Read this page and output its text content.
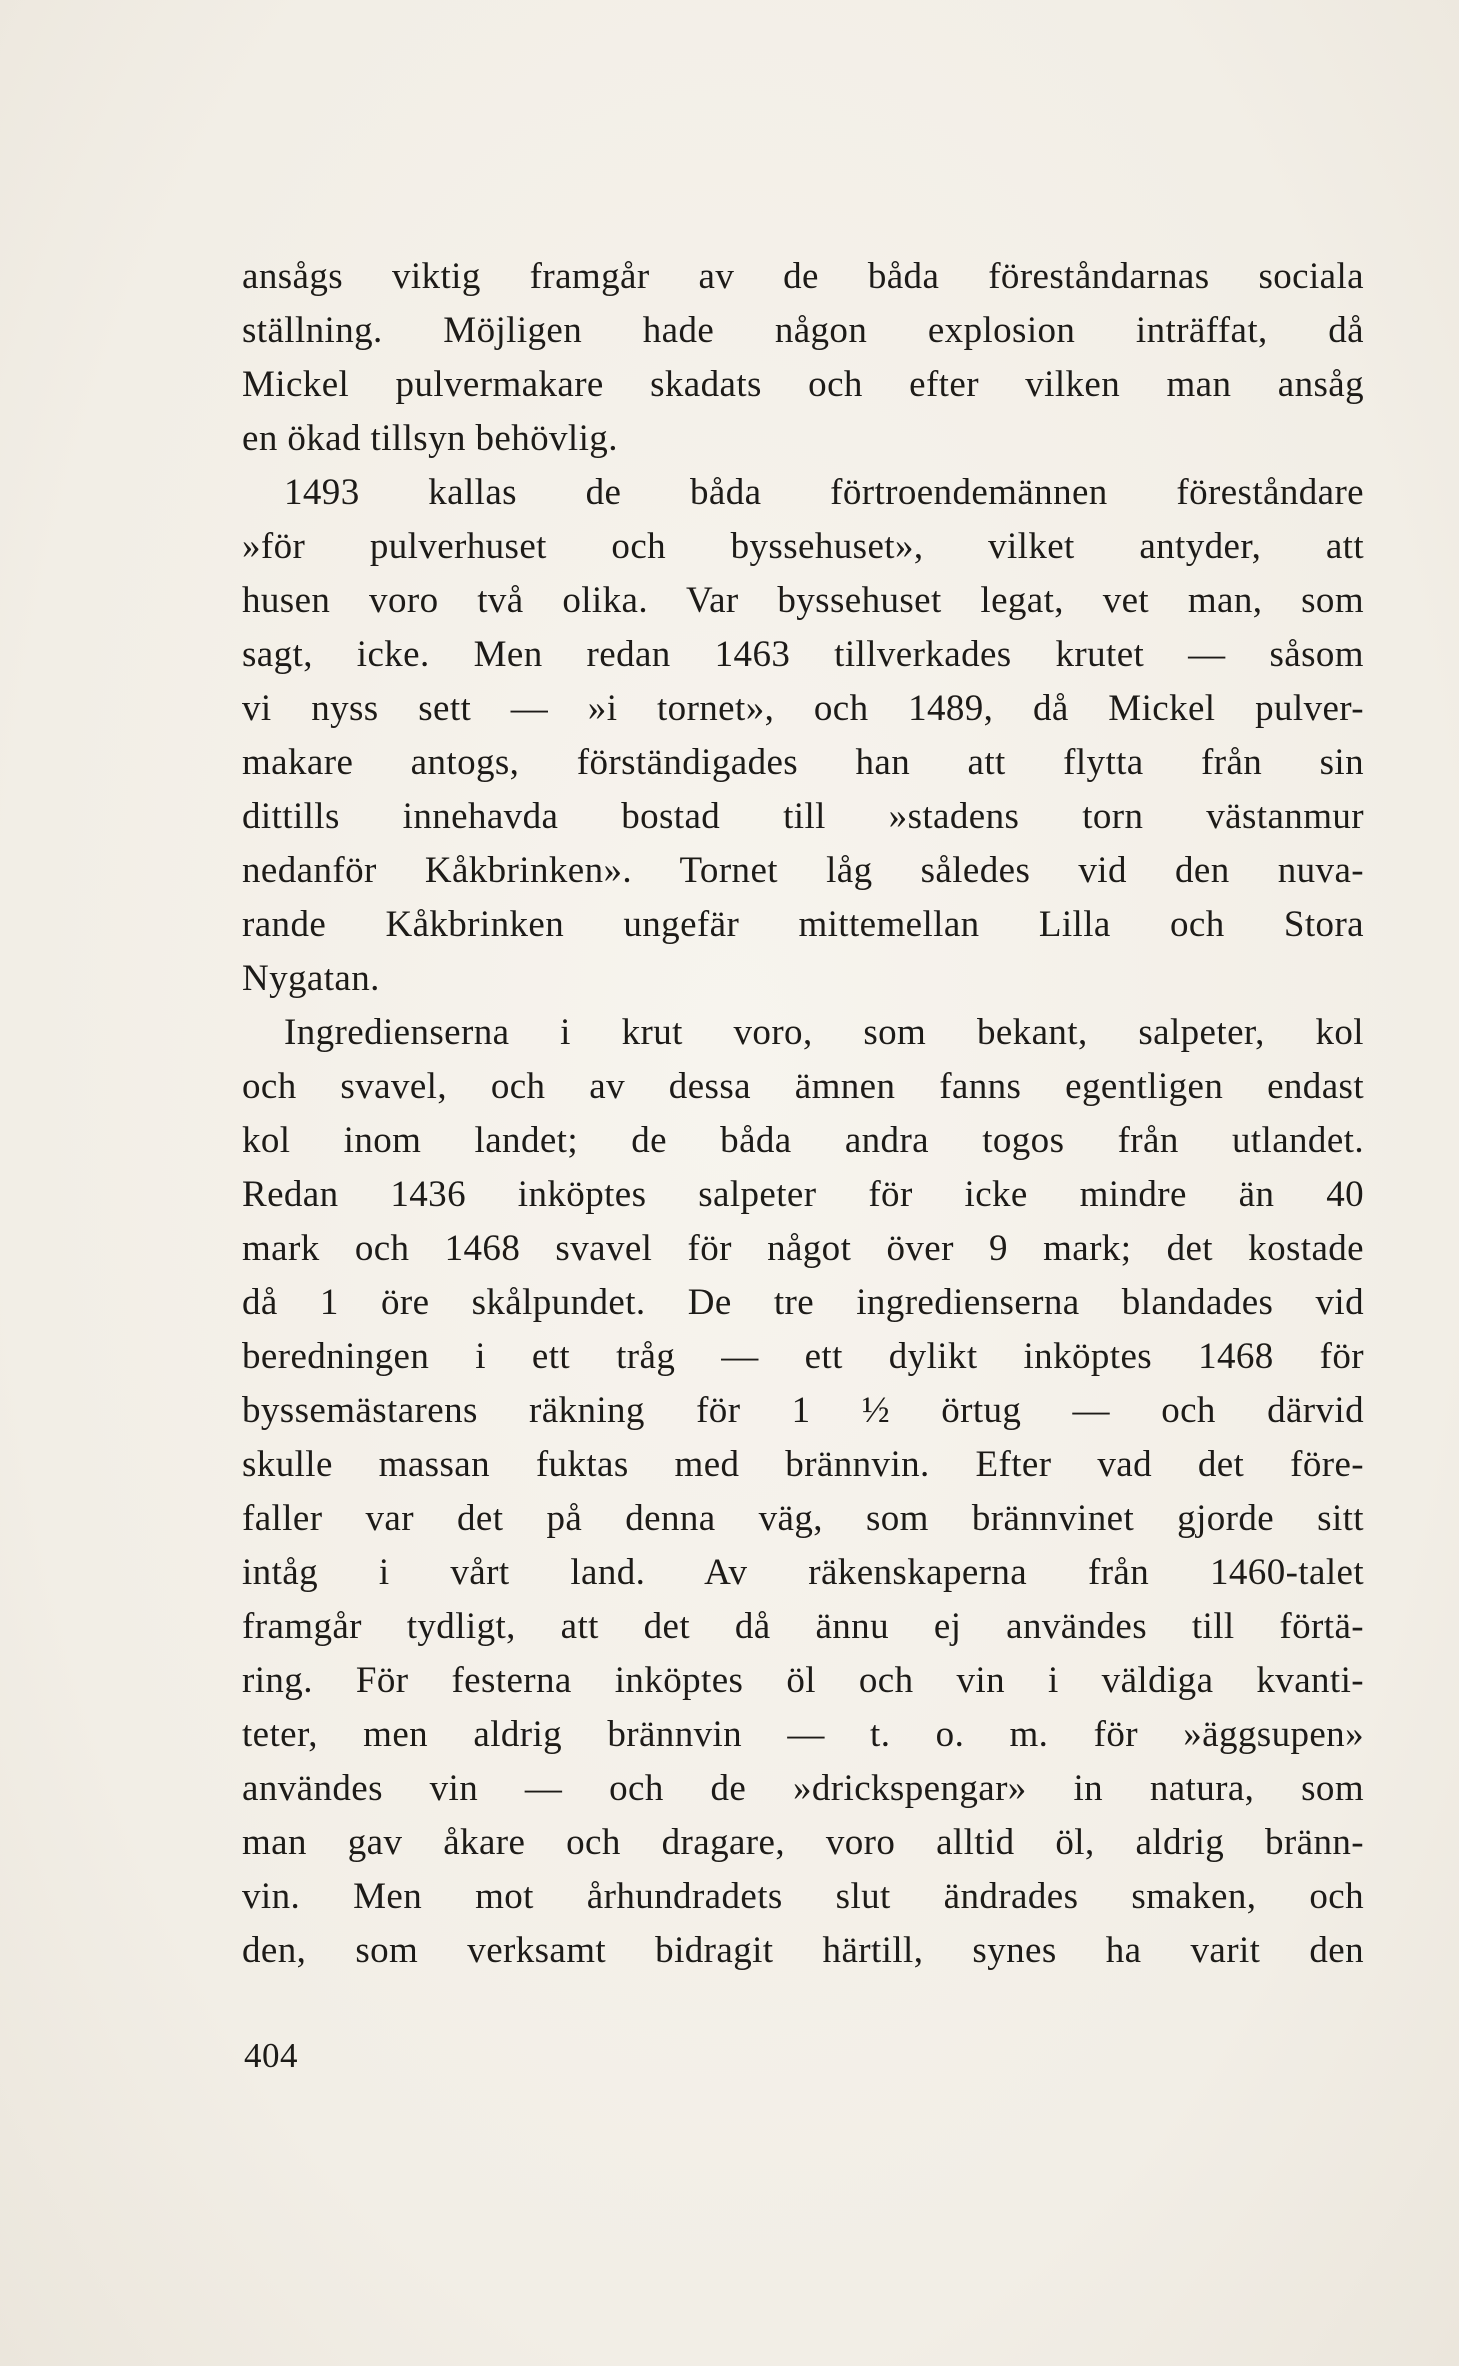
ansågs viktig framgår av de båda föreståndarnas sociala
ställning. Möjligen hade någon explosion inträffat, då
Mickel pulvermakare skadats och efter vilken man ansåg
en ökad tillsyn behövlig.
1493 kallas de båda förtroendemännen föreståndare
»för pulverhuset och byssehuset», vilket antyder, att
husen voro två olika. Var byssehuset legat, vet man, som
sagt, icke. Men redan 1463 tillverkades krutet — såsom
vi nyss sett — »i tornet», och 1489, då Mickel pulver-
makare antogs, förständigades han att flytta från sin
dittills innehavda bostad till »stadens torn västanmur
nedanför Kåkbrinken». Tornet låg således vid den nuva-
rande Kåkbrinken ungefär mittemellan Lilla och Stora
Nygatan.
Ingredienserna i krut voro, som bekant, salpeter, kol
och svavel, och av dessa ämnen fanns egentligen endast
kol inom landet; de båda andra togos från utlandet.
Redan 1436 inköptes salpeter för icke mindre än 40
mark och 1468 svavel för något över 9 mark; det kostade
då 1 öre skålpundet. De tre ingredienserna blandades vid
beredningen i ett tråg — ett dylikt inköptes 1468 för
byssemästarens räkning för 1 ½ örtug — och därvid
skulle massan fuktas med brännvin. Efter vad det före-
faller var det på denna väg, som brännvinet gjorde sitt
intåg i vårt land. Av räkenskaperna från 1460-talet
framgår tydligt, att det då ännu ej användes till förtä-
ring. För festerna inköptes öl och vin i väldiga kvanti-
teter, men aldrig brännvin — t. o. m. för »äggsupen»
användes vin — och de »drickspengar» in natura, som
man gav åkare och dragare, voro alltid öl, aldrig bränn-
vin. Men mot århundradets slut ändrades smaken, och
den, som verksamt bidragit härtill, synes ha varit den
404
